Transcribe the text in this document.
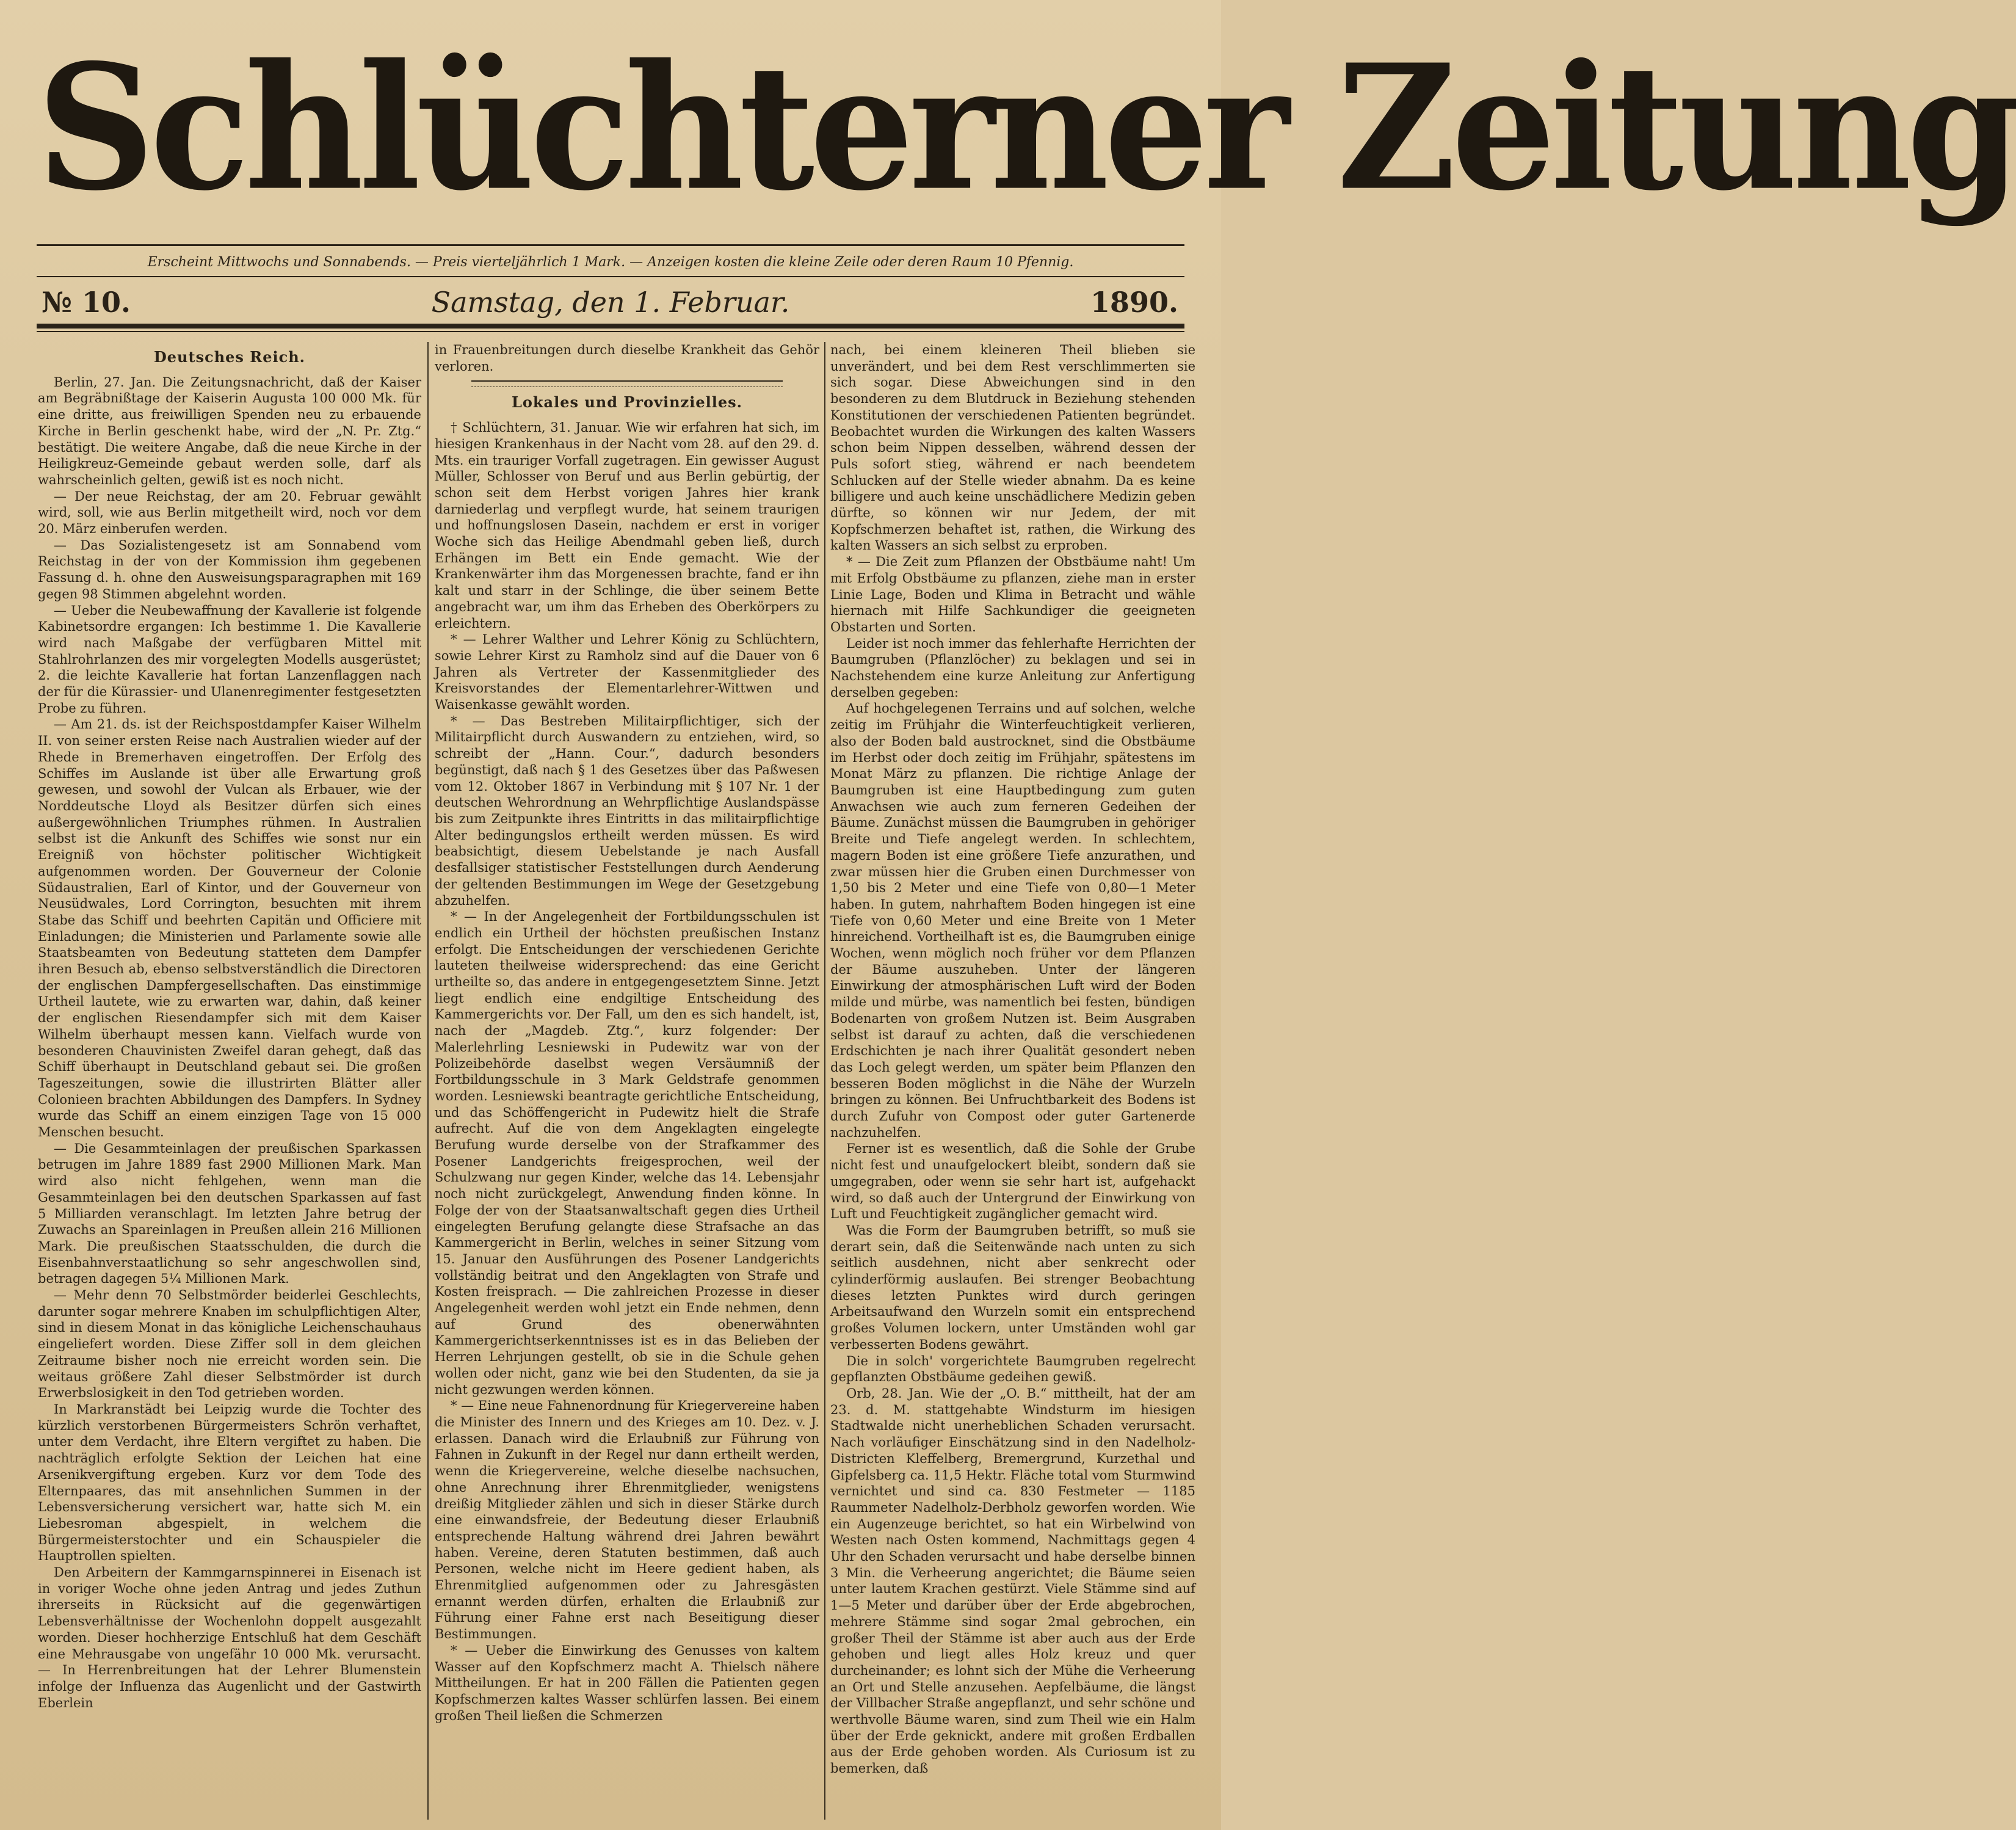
Schlüchterner Zeitung
Erscheint Mittwochs und Sonnabends. — Preis vierteljährlich 1 Mark. — Anzeigen kosten die kleine Zeile oder deren Raum 10 Pfennig.
№ 10.	Samstag, den 1. Februar.	1890.
Deutsches Reich.

Berlin, 27. Jan. Die Zeitungsnachricht, daß der Kaiser am Begräbnißtage der Kaiserin Augusta 100 000 Mk. für eine dritte, aus freiwilligen Spenden neu zu erbauende Kirche in Berlin geschenkt habe, wird der „N. Pr. Ztg.“ bestätigt. Die weitere Angabe, daß die neue Kirche in der Heiligkreuz-Gemeinde gebaut werden solle, darf als wahrscheinlich gelten, gewiß ist es noch nicht.

— Der neue Reichstag, der am 20. Februar gewählt wird, soll, wie aus Berlin mitgetheilt wird, noch vor dem 20. März einberufen werden.

— Das Sozialistengesetz ist am Sonnabend vom Reichstag in der von der Kommission ihm gegebenen Fassung d. h. ohne den Ausweisungsparagraphen mit 169 gegen 98 Stimmen abgelehnt worden.

— Ueber die Neubewaffnung der Kavallerie ist folgende Kabinetsordre ergangen: Ich bestimme 1. Die Kavallerie wird nach Maßgabe der verfügbaren Mittel mit Stahlrohrlanzen des mir vorgelegten Modells ausgerüstet; 2. die leichte Kavallerie hat fortan Lanzenflaggen nach der für die Kürassier- und Ulanenregimenter festgesetzten Probe zu führen.

— Am 21. ds. ist der Reichspostdampfer Kaiser Wilhelm II. von seiner ersten Reise nach Australien wieder auf der Rhede in Bremerhaven eingetroffen. Der Erfolg des Schiffes im Auslande ist über alle Erwartung groß gewesen, und sowohl der Vulcan als Erbauer, wie der Norddeutsche Lloyd als Besitzer dürfen sich eines außergewöhnlichen Triumphes rühmen. In Australien selbst ist die Ankunft des Schiffes wie sonst nur ein Ereigniß von höchster politischer Wichtigkeit aufgenommen worden. Der Gouverneur der Colonie Südaustralien, Earl of Kintor, und der Gouverneur von Neusüdwales, Lord Corrington, besuchten mit ihrem Stabe das Schiff und beehrten Capitän und Officiere mit Einladungen; die Ministerien und Parlamente sowie alle Staatsbeamten von Bedeutung statteten dem Dampfer ihren Besuch ab, ebenso selbstverständlich die Directoren der englischen Dampfergesellschaften. Das einstimmige Urtheil lautete, wie zu erwarten war, dahin, daß keiner der englischen Riesendampfer sich mit dem Kaiser Wilhelm überhaupt messen kann. Vielfach wurde von besonderen Chauvinisten Zweifel daran gehegt, daß das Schiff überhaupt in Deutschland gebaut sei. Die großen Tageszeitungen, sowie die illustrirten Blätter aller Colonieen brachten Abbildungen des Dampfers. In Sydney wurde das Schiff an einem einzigen Tage von 15 000 Menschen besucht.

— Die Gesammteinlagen der preußischen Sparkassen betrugen im Jahre 1889 fast 2900 Millionen Mark. Man wird also nicht fehlgehen, wenn man die Gesammteinlagen bei den deutschen Sparkassen auf fast 5 Milliarden veranschlagt. Im letzten Jahre betrug der Zuwachs an Spareinlagen in Preußen allein 216 Millionen Mark. Die preußischen Staatsschulden, die durch die Eisenbahnverstaatlichung so sehr angeschwollen sind, betragen dagegen 5¼ Millionen Mark.

— Mehr denn 70 Selbstmörder beiderlei Geschlechts, darunter sogar mehrere Knaben im schulpflichtigen Alter, sind in diesem Monat in das königliche Leichenschauhaus eingeliefert worden. Diese Ziffer soll in dem gleichen Zeitraume bisher noch nie erreicht worden sein. Die weitaus größere Zahl dieser Selbstmörder ist durch Erwerbslosigkeit in den Tod getrieben worden.

In Markranstädt bei Leipzig wurde die Tochter des kürzlich verstorbenen Bürgermeisters Schrön verhaftet, unter dem Verdacht, ihre Eltern vergiftet zu haben. Die nachträglich erfolgte Sektion der Leichen hat eine Arsenikvergiftung ergeben. Kurz vor dem Tode des Elternpaares, das mit ansehnlichen Summen in der Lebensversicherung versichert war, hatte sich M. ein Liebesroman abgespielt, in welchem die Bürgermeisterstochter und ein Schauspieler die Hauptrollen spielten.

Den Arbeitern der Kammgarnspinnerei in Eisenach ist in voriger Woche ohne jeden Antrag und jedes Zuthun ihrerseits in Rücksicht auf die gegenwärtigen Lebensverhältnisse der Wochenlohn doppelt ausgezahlt worden. Dieser hochherzige Entschluß hat dem Geschäft eine Mehrausgabe von ungefähr 10 000 Mk. verursacht. — In Herrenbreitungen hat der Lehrer Blumenstein infolge der Influenza das Augenlicht und der Gastwirth Eberlein

in Frauenbreitungen durch dieselbe Krankheit das Gehör verloren.

Lokales und Provinzielles.

† Schlüchtern, 31. Januar. Wie wir erfahren hat sich, im hiesigen Krankenhaus in der Nacht vom 28. auf den 29. d. Mts. ein trauriger Vorfall zugetragen. Ein gewisser August Müller, Schlosser von Beruf und aus Berlin gebürtig, der schon seit dem Herbst vorigen Jahres hier krank darniederlag und verpflegt wurde, hat seinem traurigen und hoffnungslosen Dasein, nachdem er erst in voriger Woche sich das Heilige Abendmahl geben ließ, durch Erhängen im Bett ein Ende gemacht. Wie der Krankenwärter ihm das Morgenessen brachte, fand er ihn kalt und starr in der Schlinge, die über seinem Bette angebracht war, um ihm das Erheben des Oberkörpers zu erleichtern.

* — Lehrer Walther und Lehrer König zu Schlüchtern, sowie Lehrer Kirst zu Ramholz sind auf die Dauer von 6 Jahren als Vertreter der Kassenmitglieder des Kreisvorstandes der Elementarlehrer-Wittwen und Waisenkasse gewählt worden.

* — Das Bestreben Militairpflichtiger, sich der Militairpflicht durch Auswandern zu entziehen, wird, so schreibt der „Hann. Cour.“, dadurch besonders begünstigt, daß nach § 1 des Gesetzes über das Paßwesen vom 12. Oktober 1867 in Verbindung mit § 107 Nr. 1 der deutschen Wehrordnung an Wehrpflichtige Auslandspässe bis zum Zeitpunkte ihres Eintritts in das militairpflichtige Alter bedingungslos ertheilt werden müssen. Es wird beabsichtigt, diesem Uebelstande je nach Ausfall desfallsiger statistischer Feststellungen durch Aenderung der geltenden Bestimmungen im Wege der Gesetzgebung abzuhelfen.

* — In der Angelegenheit der Fortbildungsschulen ist endlich ein Urtheil der höchsten preußischen Instanz erfolgt. Die Entscheidungen der verschiedenen Gerichte lauteten theilweise widersprechend: das eine Gericht urtheilte so, das andere in entgegengesetztem Sinne. Jetzt liegt endlich eine endgiltige Entscheidung des Kammergerichts vor. Der Fall, um den es sich handelt, ist, nach der „Magdeb. Ztg.“, kurz folgender: Der Malerlehrling Lesniewski in Pudewitz war von der Polizeibehörde daselbst wegen Versäumniß der Fortbildungsschule in 3 Mark Geldstrafe genommen worden. Lesniewski beantragte gerichtliche Entscheidung, und das Schöffengericht in Pudewitz hielt die Strafe aufrecht. Auf die von dem Angeklagten eingelegte Berufung wurde derselbe von der Strafkammer des Posener Landgerichts freigesprochen, weil der Schulzwang nur gegen Kinder, welche das 14. Lebensjahr noch nicht zurückgelegt, Anwendung finden könne. In Folge der von der Staatsanwaltschaft gegen dies Urtheil eingelegten Berufung gelangte diese Strafsache an das Kammergericht in Berlin, welches in seiner Sitzung vom 15. Januar den Ausführungen des Posener Landgerichts vollständig beitrat und den Angeklagten von Strafe und Kosten freisprach. — Die zahlreichen Prozesse in dieser Angelegenheit werden wohl jetzt ein Ende nehmen, denn auf Grund des obenerwähnten Kammergerichtserkenntnisses ist es in das Belieben der Herren Lehrjungen gestellt, ob sie in die Schule gehen wollen oder nicht, ganz wie bei den Studenten, da sie ja nicht gezwungen werden können.

* — Eine neue Fahnenordnung für Kriegervereine haben die Minister des Innern und des Krieges am 10. Dez. v. J. erlassen. Danach wird die Erlaubniß zur Führung von Fahnen in Zukunft in der Regel nur dann ertheilt werden, wenn die Kriegervereine, welche dieselbe nachsuchen, ohne Anrechnung ihrer Ehrenmitglieder, wenigstens dreißig Mitglieder zählen und sich in dieser Stärke durch eine einwandsfreie, der Bedeutung dieser Erlaubniß entsprechende Haltung während drei Jahren bewährt haben. Vereine, deren Statuten bestimmen, daß auch Personen, welche nicht im Heere gedient haben, als Ehrenmitglied aufgenommen oder zu Jahresgästen ernannt werden dürfen, erhalten die Erlaubniß zur Führung einer Fahne erst nach Beseitigung dieser Bestimmungen.

* — Ueber die Einwirkung des Genusses von kaltem Wasser auf den Kopfschmerz macht A. Thielsch nähere Mittheilungen. Er hat in 200 Fällen die Patienten gegen Kopfschmerzen kaltes Wasser schlürfen lassen. Bei einem großen Theil ließen die Schmerzen

nach, bei einem kleineren Theil blieben sie unverändert, und bei dem Rest verschlimmerten sie sich sogar. Diese Abweichungen sind in den besonderen zu dem Blutdruck in Beziehung stehenden Konstitutionen der verschiedenen Patienten begründet. Beobachtet wurden die Wirkungen des kalten Wassers schon beim Nippen desselben, während dessen der Puls sofort stieg, während er nach beendetem Schlucken auf der Stelle wieder abnahm. Da es keine billigere und auch keine unschädlichere Medizin geben dürfte, so können wir nur Jedem, der mit Kopfschmerzen behaftet ist, rathen, die Wirkung des kalten Wassers an sich selbst zu erproben.

* — Die Zeit zum Pflanzen der Obstbäume naht! Um mit Erfolg Obstbäume zu pflanzen, ziehe man in erster Linie Lage, Boden und Klima in Betracht und wähle hiernach mit Hilfe Sachkundiger die geeigneten Obstarten und Sorten.

Leider ist noch immer das fehlerhafte Herrichten der Baumgruben (Pflanzlöcher) zu beklagen und sei in Nachstehendem eine kurze Anleitung zur Anfertigung derselben gegeben:

Auf hochgelegenen Terrains und auf solchen, welche zeitig im Frühjahr die Winterfeuchtigkeit verlieren, also der Boden bald austrocknet, sind die Obstbäume im Herbst oder doch zeitig im Frühjahr, spätestens im Monat März zu pflanzen. Die richtige Anlage der Baumgruben ist eine Hauptbedingung zum guten Anwachsen wie auch zum ferneren Gedeihen der Bäume. Zunächst müssen die Baumgruben in gehöriger Breite und Tiefe angelegt werden. In schlechtem, magern Boden ist eine größere Tiefe anzurathen, und zwar müssen hier die Gruben einen Durchmesser von 1,50 bis 2 Meter und eine Tiefe von 0,80—1 Meter haben. In gutem, nahrhaftem Boden hingegen ist eine Tiefe von 0,60 Meter und eine Breite von 1 Meter hinreichend. Vortheilhaft ist es, die Baumgruben einige Wochen, wenn möglich noch früher vor dem Pflanzen der Bäume auszuheben. Unter der längeren Einwirkung der atmosphärischen Luft wird der Boden milde und mürbe, was namentlich bei festen, bündigen Bodenarten von großem Nutzen ist. Beim Ausgraben selbst ist darauf zu achten, daß die verschiedenen Erdschichten je nach ihrer Qualität gesondert neben das Loch gelegt werden, um später beim Pflanzen den besseren Boden möglichst in die Nähe der Wurzeln bringen zu können. Bei Unfruchtbarkeit des Bodens ist durch Zufuhr von Compost oder guter Gartenerde nachzuhelfen.

Ferner ist es wesentlich, daß die Sohle der Grube nicht fest und unaufgelockert bleibt, sondern daß sie umgegraben, oder wenn sie sehr hart ist, aufgehackt wird, so daß auch der Untergrund der Einwirkung von Luft und Feuchtigkeit zugänglicher gemacht wird.

Was die Form der Baumgruben betrifft, so muß sie derart sein, daß die Seitenwände nach unten zu sich seitlich ausdehnen, nicht aber senkrecht oder cylinderförmig auslaufen. Bei strenger Beobachtung dieses letzten Punktes wird durch geringen Arbeitsaufwand den Wurzeln somit ein entsprechend großes Volumen lockern, unter Umständen wohl gar verbesserten Bodens gewährt.

Die in solch' vorgerichtete Baumgruben regelrecht gepflanzten Obstbäume gedeihen gewiß.

Orb, 28. Jan. Wie der „O. B.“ mittheilt, hat der am 23. d. M. stattgehabte Windsturm im hiesigen Stadtwalde nicht unerheblichen Schaden verursacht. Nach vorläufiger Einschätzung sind in den Nadelholz-Districten Kleffelberg, Bremergrund, Kurzethal und Gipfelsberg ca. 11,5 Hektr. Fläche total vom Sturmwind vernichtet und sind ca. 830 Festmeter — 1185 Raummeter Nadelholz-Derbholz geworfen worden. Wie ein Augenzeuge berichtet, so hat ein Wirbelwind von Westen nach Osten kommend, Nachmittags gegen 4 Uhr den Schaden verursacht und habe derselbe binnen 3 Min. die Verheerung angerichtet; die Bäume seien unter lautem Krachen gestürzt. Viele Stämme sind auf 1—5 Meter und darüber über der Erde abgebrochen, mehrere Stämme sind sogar 2mal gebrochen, ein großer Theil der Stämme ist aber auch aus der Erde gehoben und liegt alles Holz kreuz und quer durcheinander; es lohnt sich der Mühe die Verheerung an Ort und Stelle anzusehen. Aepfelbäume, die längst der Villbacher Straße angepflanzt, und sehr schöne und werthvolle Bäume waren, sind zum Theil wie ein Halm über der Erde geknickt, andere mit großen Erdballen aus der Erde gehoben worden. Als Curiosum ist zu bemerken, daß
